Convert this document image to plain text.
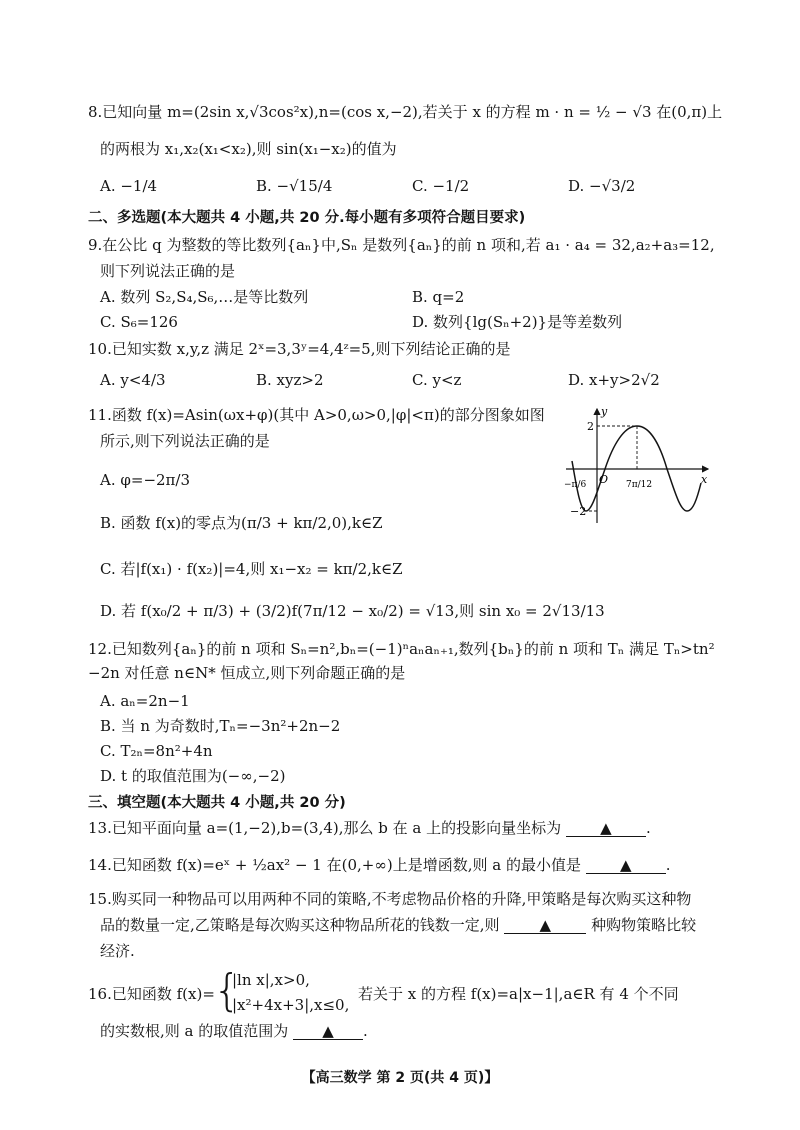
8.已知向量 m=(2sin x,√3cos²x),n=(cos x,−2),若关于 x 的方程 m · n = ½ − √3 在(0,π)上
的两根为 x₁,x₂(x₁<x₂),则 sin(x₁−x₂)的值为
A. −1/4	B. −√15/4	C. −1/2	D. −√3/2
二、多选题(本大题共 4 小题,共 20 分.每小题有多项符合题目要求)
9.在公比 q 为整数的等比数列{aₙ}中,Sₙ 是数列{aₙ}的前 n 项和,若 a₁ · a₄ = 32,a₂+a₃=12,
则下列说法正确的是
A. 数列 S₂,S₄,S₆,…是等比数列	B. q=2
C. S₆=126	D. 数列{lg(Sₙ+2)}是等差数列
10.已知实数 x,y,z 满足 2ˣ=3,3ʸ=4,4ᶻ=5,则下列结论正确的是
A. y<4/3	B. xyz>2	C. y<z	D. x+y>2√2
11.函数 f(x)=Asin(ωx+φ)(其中 A>0,ω>0,|φ|<π)的部分图象如图
所示,则下列说法正确的是
A. φ=−2π/3
B. 函数 f(x)的零点为(π/3 + kπ/2,0),k∈Z
C. 若|f(x₁) · f(x₂)|=4,则 x₁−x₂ = kπ/2,k∈Z
D. 若 f(x₀/2 + π/3) + (3/2)f(7π/12 − x₀/2) = √13,则 sin x₀ = 2√13/13
y
x
O
2
−2
−π/6	7π/12
12.已知数列{aₙ}的前 n 项和 Sₙ=n²,bₙ=(−1)ⁿaₙaₙ₊₁,数列{bₙ}的前 n 项和 Tₙ 满足 Tₙ>tn²
−2n 对任意 n∈N* 恒成立,则下列命题正确的是
A. aₙ=2n−1
B. 当 n 为奇数时,Tₙ=−3n²+2n−2
C. T₂ₙ=8n²+4n
D. t 的取值范围为(−∞,−2)
三、填空题(本大题共 4 小题,共 20 分)
13.已知平面向量 a=(1,−2),b=(3,4),那么 b 在 a 上的投影向量坐标为	▲ .
14.已知函数 f(x)=eˣ + ½ax² − 1 在(0,+∞)上是增函数,则 a 的最小值是	▲ .
15.购买同一种物品可以用两种不同的策略,不考虑物品价格的升降,甲策略是每次购买这种物
品的数量一定,乙策略是每次购买这种物品所花的钱数一定,则	▲	种购物策略比较
经济.
16.已知函数 f(x)=
{
|ln x|,x>0,
|x²+4x+3|,x≤0,
若关于 x 的方程 f(x)=a|x−1|,a∈R 有 4 个不同
的实数根,则 a 的取值范围为 ▲ .
【高三数学 第 2 页(共 4 页)】
